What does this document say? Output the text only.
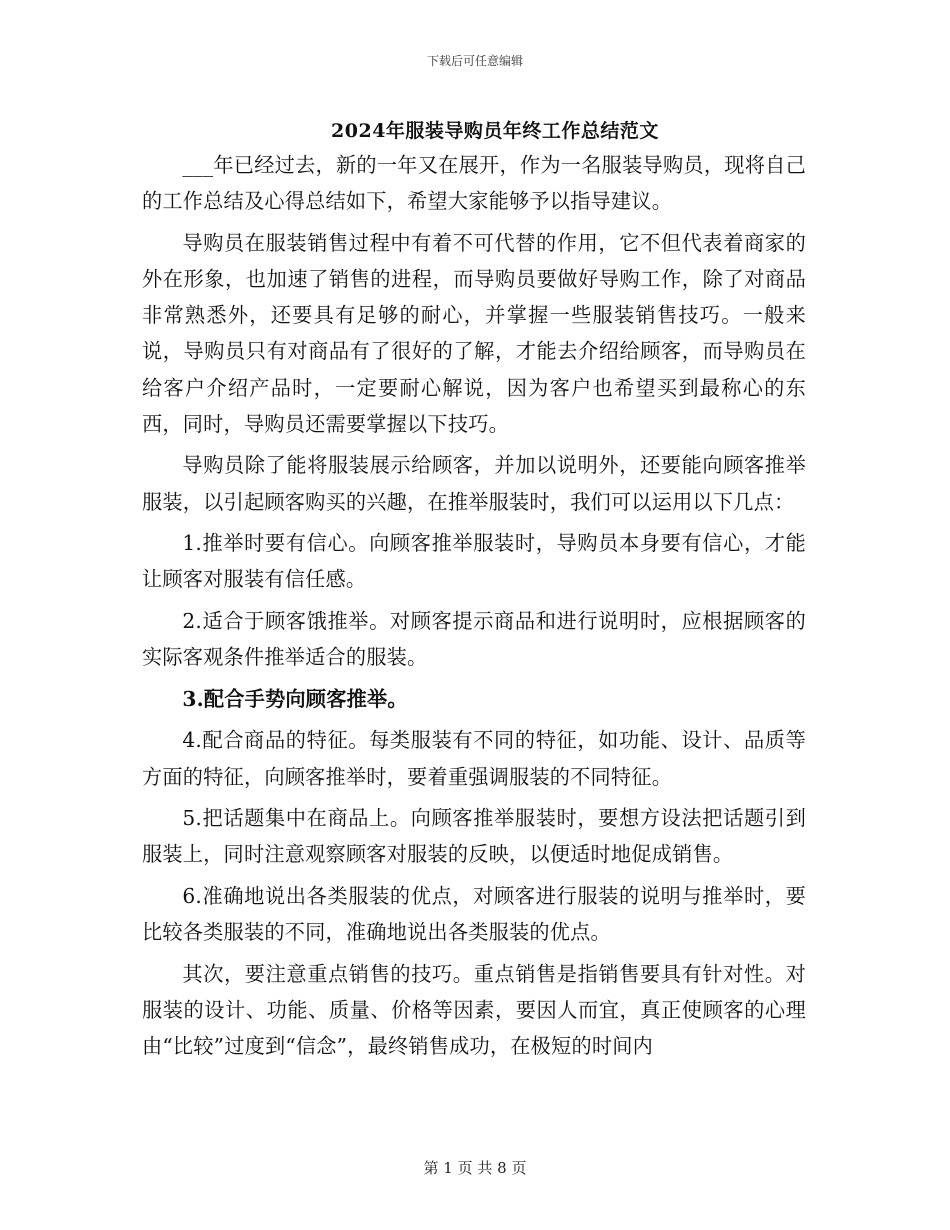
下载后可任意编辑
2024年服装导购员年终工作总结范文

___年已经过去，新的一年又在展开，作为一名服装导购员，现将自己的工作总结及心得总结如下，希望大家能够予以指导建议。

导购员在服装销售过程中有着不可代替的作用，它不但代表着商家的外在形象，也加速了销售的进程，而导购员要做好导购工作，除了对商品非常熟悉外，还要具有足够的耐心，并掌握一些服装销售技巧。一般来说，导购员只有对商品有了很好的了解，才能去介绍给顾客，而导购员在给客户介绍产品时，一定要耐心解说，因为客户也希望买到最称心的东西，同时，导购员还需要掌握以下技巧。

导购员除了能将服装展示给顾客，并加以说明外，还要能向顾客推举服装，以引起顾客购买的兴趣，在推举服装时，我们可以运用以下几点：

1.推举时要有信心。向顾客推举服装时，导购员本身要有信心，才能让顾客对服装有信任感。

2.适合于顾客饿推举。对顾客提示商品和进行说明时，应根据顾客的实际客观条件推举适合的服装。

3.配合手势向顾客推举。

4.配合商品的特征。每类服装有不同的特征，如功能、设计、品质等方面的特征，向顾客推举时，要着重强调服装的不同特征。

5.把话题集中在商品上。向顾客推举服装时，要想方设法把话题引到服装上，同时注意观察顾客对服装的反映，以便适时地促成销售。

6.准确地说出各类服装的优点，对顾客进行服装的说明与推举时，要比较各类服装的不同，准确地说出各类服装的优点。

其次，要注意重点销售的技巧。重点销售是指销售要具有针对性。对服装的设计、功能、质量、价格等因素，要因人而宜，真正使顾客的心理由“比较”过度到“信念”，最终销售成功，在极短的时间内

第 1 页 共 8 页
